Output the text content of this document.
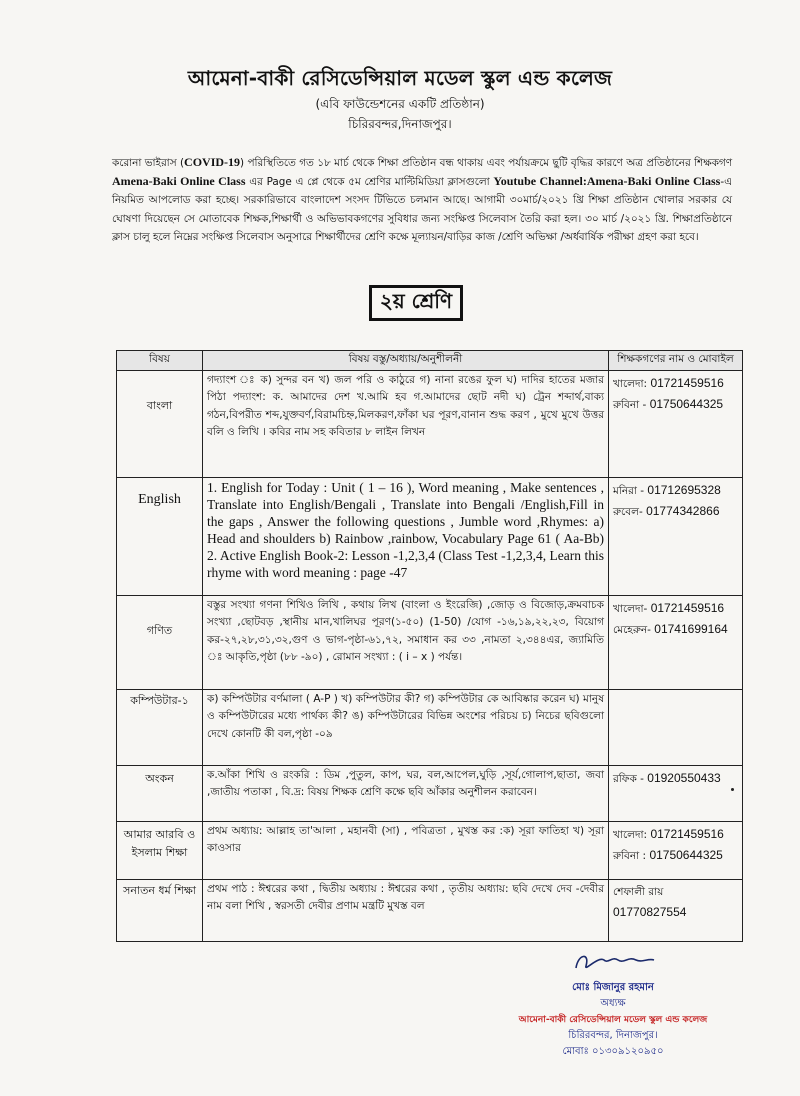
আমেনা-বাকী রেসিডেন্সিয়াল মডেল স্কুল এন্ড কলেজ
(এবি ফাউন্ডেশনের একটি প্রতিষ্ঠান)
চিরিরবন্দর,দিনাজপুর।
করোনা ভাইরাস (COVID-19) পরিস্থিতিতে গত ১৮ মার্চ থেকে শিক্ষা প্রতিষ্ঠান বন্ধ থাকায় এবং পর্যায়ক্রমে ছুটি বৃদ্ধির কারণে অত্র প্রতিষ্ঠানের শিক্ষকগণ Amena-Baki Online Class এর Page এ প্লে থেকে ৫ম শ্রেণির মাল্টিমিডিয়া ক্লাসগুলো Youtube Channel:Amena-Baki Online Class-এ নিয়মিত আপলোড করা হচ্ছে। সরকারিভাবে বাংলাদেশ সংসদ টিভিতে চলমান আছে। আগামী ৩০মার্চ/২০২১ খ্রি শিক্ষা প্রতিষ্ঠান খোলার সরকার যে ঘোষণা দিয়েছেন সে মোতাবেক শিক্ষক,শিক্ষার্থী ও অভিভাবকগণের সুবিধার জন্য সংক্ষিপ্ত সিলেবাস তৈরি করা হল। ৩০ মার্চ /২০২১ খ্রি. শিক্ষাপ্রতিষ্ঠানে ক্লাস চালু হলে নিম্নের সংক্ষিপ্ত সিলেবাস অনুসারে শিক্ষার্থীদের শ্রেণি কক্ষে মূল্যায়ন/বাড়ির কাজ /শ্রেণি অভিক্ষা /অর্ধবার্ষিক পরীক্ষা গ্রহণ করা হবে।
২য় শ্রেণি
বিষয়	বিষয় বস্তু/অধ্যায়/অনুশীলনী	শিক্ষকগণের নাম ও মোবাইল
বাংলা	গদ্যাংশ ঃ ক) সুন্দর বন খ) জল পরি ও কাঠুরে গ) নানা রঙের ফুল ঘ) দাদির হাতের মজার পিঠা পদ্যাংশ: ক. আমাদের দেশ খ.আমি হব গ.আমাদের ছোট নদী ঘ) ট্রেন শব্দার্থ,বাক্য গঠন,বিপরীত শব্দ,যুক্তবর্ণ,বিরামচিহ্ন,মিলকরণ,ফাঁকা ঘর পূরণ,বানান শুদ্ধ করণ , মুখে মুখে উত্তর বলি ও লিখি । কবির নাম সহ কবিতার ৮ লাইন লিখন	খালেদা: 01721459516
রুবিনা - 01750644325

English	1. English for Today : Unit ( 1 – 16 ), Word meaning , Make sentences , Translate into English/Bengali , Translate into Bengali /English,Fill in the gaps , Answer the following questions , Jumble word ,Rhymes: a) Head and shoulders b) Rainbow ,rainbow, Vocabulary Page 61 ( Aa-Bb) 2. Active English Book-2: Lesson -1,2,3,4 (Class Test -1,2,3,4, Learn this rhyme with word meaning : page -47	মনিরা - 01712695328
রুবেল- 01774342866

গণিত	বস্তুর সংখ্যা গণনা শিখিও লিখি , কথায় লিখ (বাংলা ও ইংরেজি) ,জোড় ও বিজোড়,ক্রমবাচক সংখ্যা ,ছোটবড় ,স্থানীয় মান,খালিঘর পূরণ(১-৫০) (1-50) /যোগ -১৬,১৯,২২,২৩, বিয়োগ কর-২৭,২৮,৩১,৩২,গুণ ও ভাগ-পৃষ্ঠা-৬১,৭২, সমাধান কর ৩৩ ,নামতা ২,৩৪৪এর, জ্যামিতি ঃ আকৃতি,পৃষ্ঠা (৮৮ -৯০) , রোমান সংখ্যা : ( i – x ) পর্যন্ত।	খালেদা- 01721459516
মেহেরুন- 01741699164

কম্পিউটার-১	ক) কম্পিউটার বর্ণমালা ( A-P ) খ) কম্পিউটার কী? গ) কম্পিউটার কে আবিষ্কার করেন ঘ) মানুষ ও কম্পিউটারের মধ্যে পার্থক্য কী? ঙ) কম্পিউটারের বিভিন্ন অংশের পরিচয় চ) নিচের ছবিগুলো দেখে কোনটি কী বল,পৃষ্ঠা -০৯	
অংকন	ক.আঁকা শিখি ও রংকরি : ডিম ,পুতুল, কাপ, ঘর, বল,আপেল,ঘুড়ি ,সূর্য,গোলাপ,ছাতা, জবা ,জাতীয় পতাকা , বি.দ্র: বিষয় শিক্ষক শ্রেণি কক্ষে ছবি আঁকার অনুশীলন করাবেন।	রফিক - 01920550433

আমার আরবি ও ইসলাম শিক্ষা	প্রথম অধ্যায়: আল্লাহ তা'আলা , মহানবী (সা) , পবিত্রতা , মুখস্ত কর :ক) সূরা ফাতিহা খ) সূরা কাওসার	খালেদা: 01721459516
রুবিনা : 01750644325

সনাতন ধর্ম শিক্ষা	প্রথম পাঠ : ঈশ্বরের কথা , দ্বিতীয় অধ্যায় : ঈশ্বরের কথা , তৃতীয় অধ্যায়: ছবি দেখে দেব -দেবীর নাম বলা শিখি , স্বরসতী দেবীর প্রণাম মন্ত্রটি মুখস্ত বল	শেফালী রায়
01770827554
মোঃ মিজানুর রহমান
অধ্যক্ষ
আমেনা-বাকী রেসিডেন্সিয়াল মডেল স্কুল এন্ড কলেজ
চিরিরবন্দর, দিনাজপুর।
মোবাঃ ০১৩০৯১২০৯৫০
